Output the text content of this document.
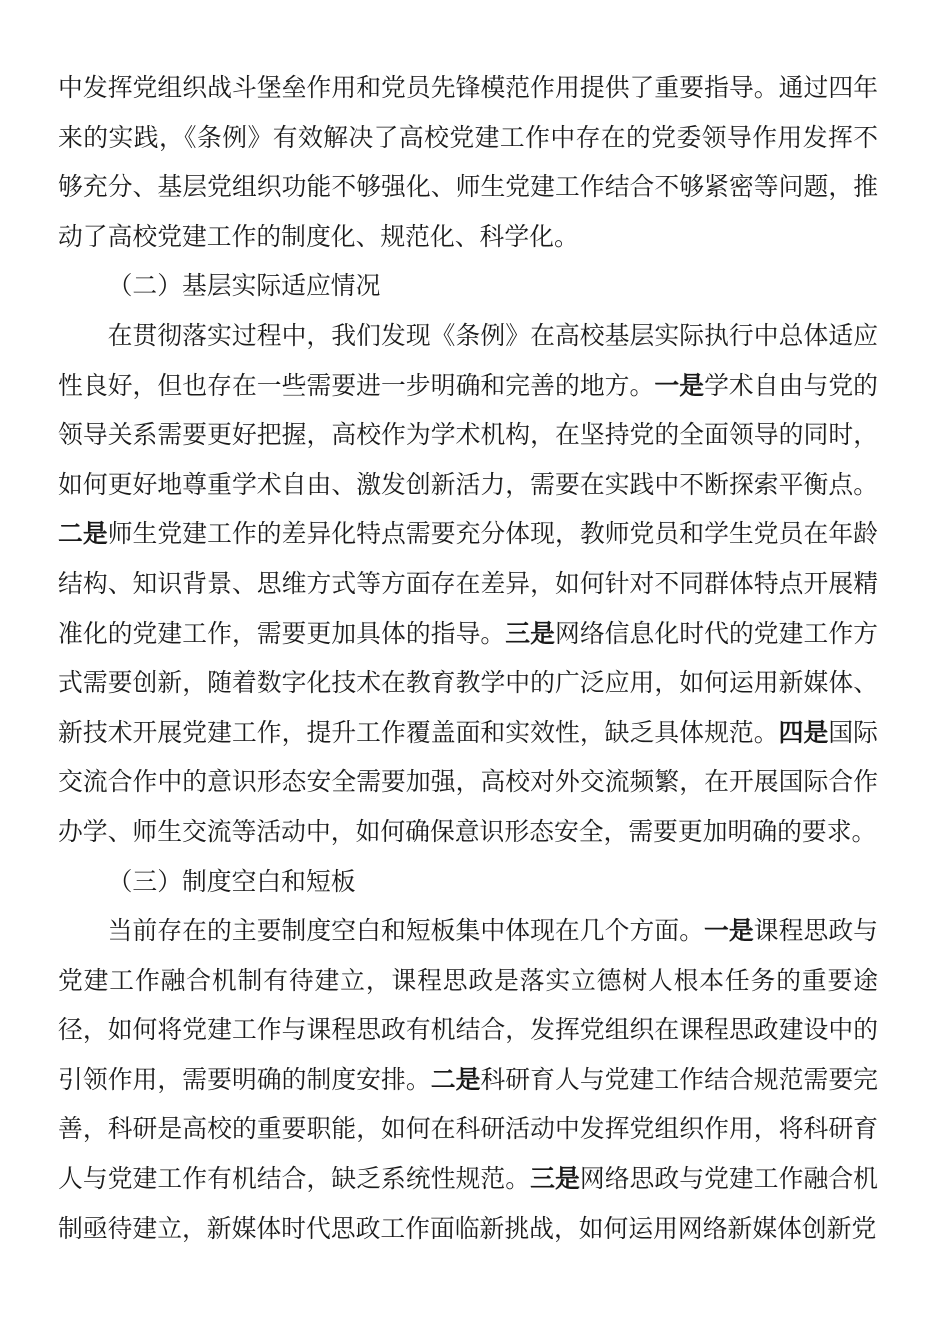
中发挥党组织战斗堡垒作用和党员先锋模范作用提供了重要指导。通过四年来的实践，《条例》有效解决了高校党建工作中存在的党委领导作用发挥不够充分、基层党组织功能不够强化、师生党建工作结合不够紧密等问题，推动了高校党建工作的制度化、规范化、科学化。

（二）基层实际适应情况

在贯彻落实过程中，我们发现《条例》在高校基层实际执行中总体适应性良好，但也存在一些需要进一步明确和完善的地方。一是学术自由与党的领导关系需要更好把握，高校作为学术机构，在坚持党的全面领导的同时，如何更好地尊重学术自由、激发创新活力，需要在实践中不断探索平衡点。二是师生党建工作的差异化特点需要充分体现，教师党员和学生党员在年龄结构、知识背景、思维方式等方面存在差异，如何针对不同群体特点开展精准化的党建工作，需要更加具体的指导。三是网络信息化时代的党建工作方式需要创新，随着数字化技术在教育教学中的广泛应用，如何运用新媒体、新技术开展党建工作，提升工作覆盖面和实效性，缺乏具体规范。四是国际交流合作中的意识形态安全需要加强，高校对外交流频繁，在开展国际合作办学、师生交流等活动中，如何确保意识形态安全，需要更加明确的要求。

（三）制度空白和短板

当前存在的主要制度空白和短板集中体现在几个方面。一是课程思政与党建工作融合机制有待建立，课程思政是落实立德树人根本任务的重要途径，如何将党建工作与课程思政有机结合，发挥党组织在课程思政建设中的引领作用，需要明确的制度安排。二是科研育人与党建工作结合规范需要完善，科研是高校的重要职能，如何在科研活动中发挥党组织作用，将科研育人与党建工作有机结合，缺乏系统性规范。三是网络思政与党建工作融合机制亟待建立，新媒体时代思政工作面临新挑战，如何运用网络新媒体创新党
